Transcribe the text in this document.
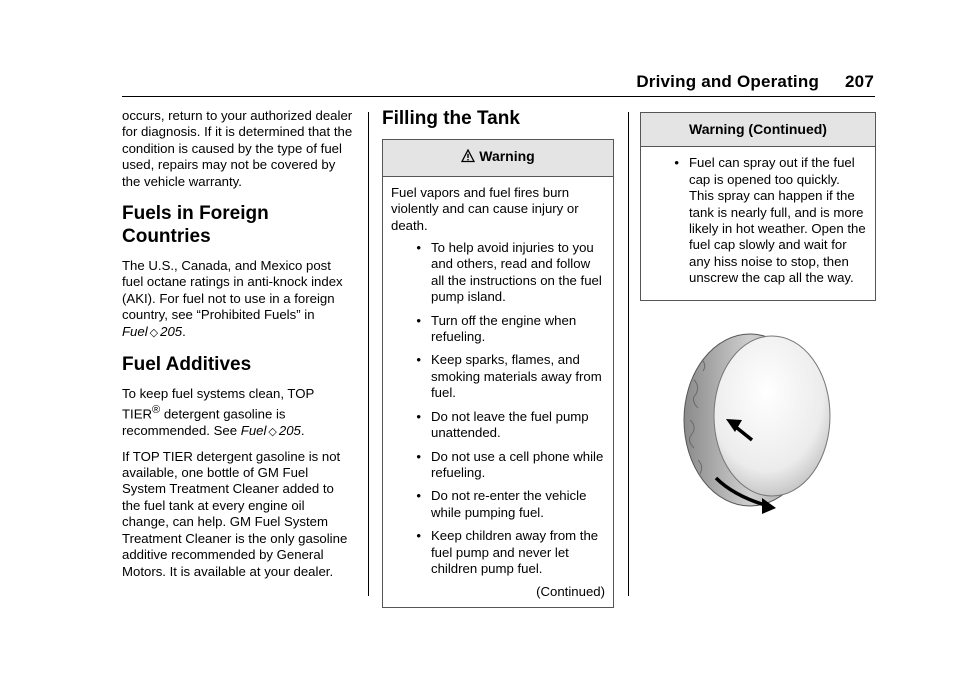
Driving and Operating 207

occurs, return to your authorized dealer for diagnosis. If it is determined that the condition is caused by the type of fuel used, repairs may not be covered by the vehicle warranty.

Fuels in Foreign
Countries

The U.S., Canada, and Mexico post fuel octane ratings in anti-knock index (AKI). For fuel not to use in a foreign country, see “Prohibited Fuels” in Fuel ◇ 205.

Fuel Additives

To keep fuel systems clean, TOP TIER® detergent gasoline is recommended. See Fuel ◇ 205.

If TOP TIER detergent gasoline is not available, one bottle of GM Fuel System Treatment Cleaner added to the fuel tank at every engine oil change, can help. GM Fuel System Treatment Cleaner is the only gasoline additive recommended by General Motors. It is available at your dealer.

Filling the Tank
Warning

Fuel vapors and fuel fires burn violently and can cause injury or death.

• To help avoid injuries to you and others, read and follow all the instructions on the fuel pump island.
• Turn off the engine when refueling.
• Keep sparks, flames, and smoking materials away from fuel.
• Do not leave the fuel pump unattended.
• Do not use a cell phone while refueling.
• Do not re-enter the vehicle while pumping fuel.
• Keep children away from the fuel pump and never let children pump fuel.
(Continued)
Warning (Continued)
• Fuel can spray out if the fuel cap is opened too quickly. This spray can happen if the tank is nearly full, and is more likely in hot weather. Open the fuel cap slowly and wait for any hiss noise to stop, then unscrew the cap all the way.
